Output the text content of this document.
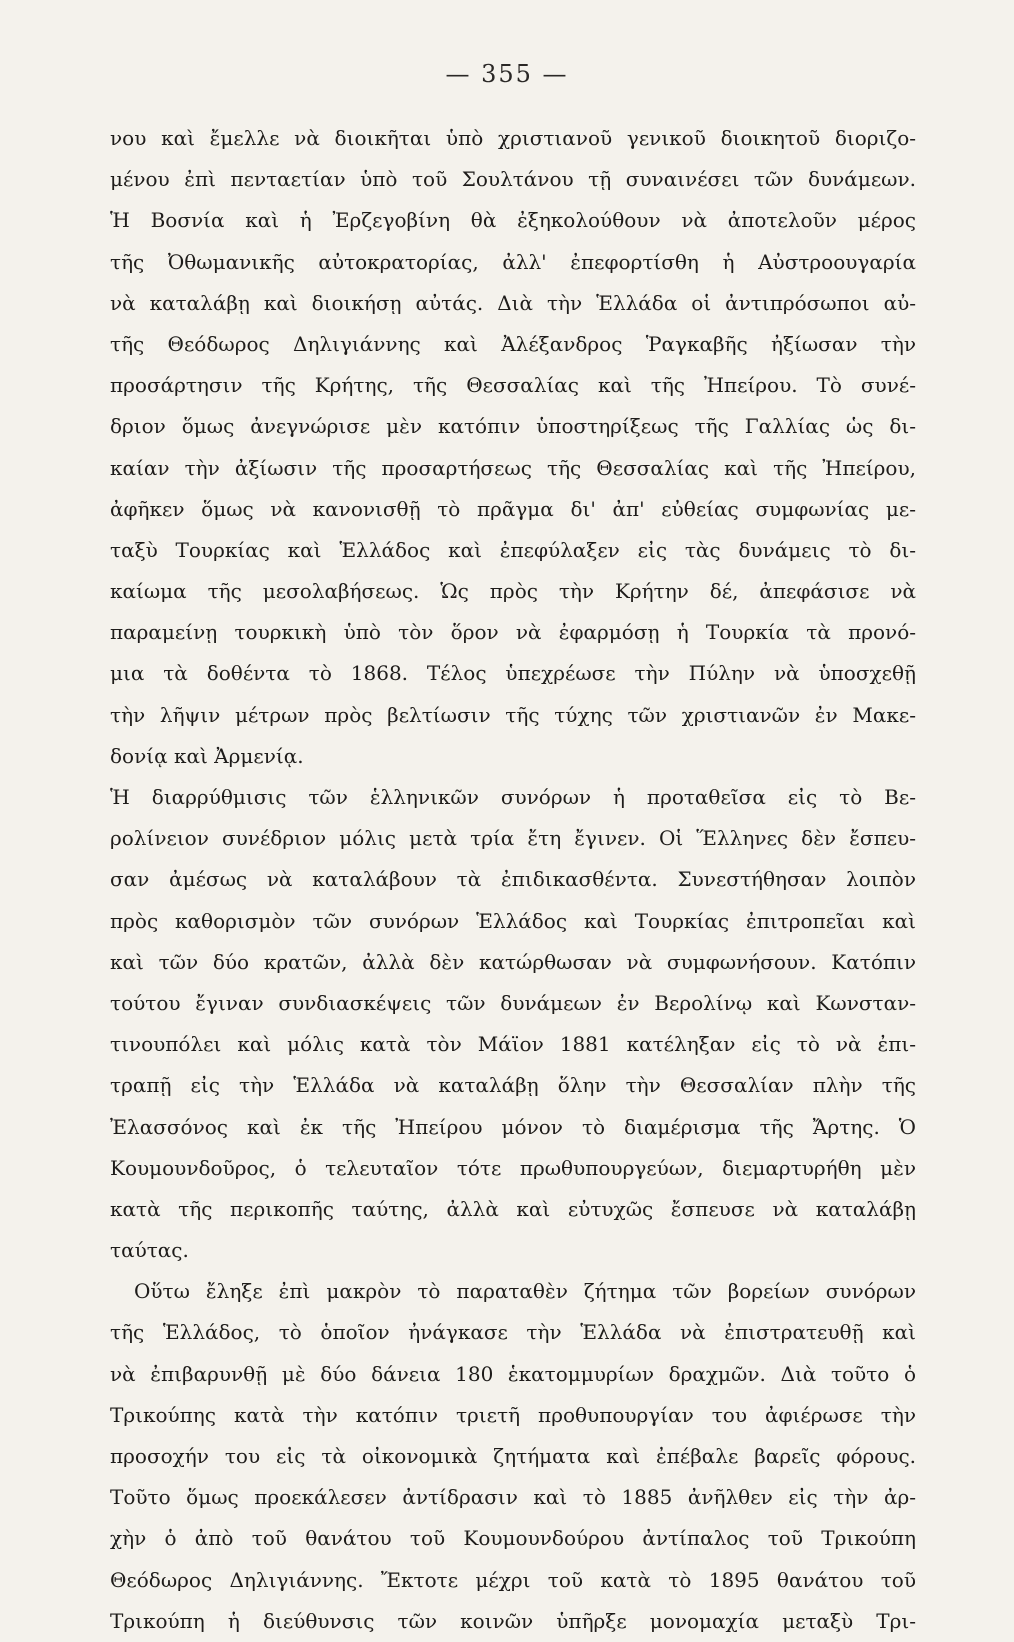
— 355 —
νου καὶ ἔμελλε νὰ διοικῆται ὑπὸ χριστιανοῦ γενικοῦ διοικητοῦ διοριζο-
μένου ἐπὶ πενταετίαν ὑπὸ τοῦ Σουλτάνου τῇ συναινέσει τῶν δυνάμεων.
Ἡ Βοσνία καὶ ἡ Ἐρζεγοβίνη θὰ ἐξηκολούθουν νὰ ἀποτελοῦν μέρος
τῆς Ὀθωμανικῆς αὐτοκρατορίας, ἀλλ' ἐπεφορτίσθη ἡ Αὐστροουγαρία
νὰ καταλάβῃ καὶ διοικήσῃ αὐτάς. Διὰ τὴν Ἑλλάδα οἱ ἀντιπρόσωποι αὐ-
τῆς Θεόδωρος Δηλιγιάννης καὶ Ἀλέξανδρος Ῥαγκαβῆς ἠξίωσαν τὴν
προσάρτησιν τῆς Κρήτης, τῆς Θεσσαλίας καὶ τῆς Ἠπείρου. Τὸ συνέ-
δριον ὅμως ἀνεγνώρισε μὲν κατόπιν ὑποστηρίξεως τῆς Γαλλίας ὡς δι-
καίαν τὴν ἀξίωσιν τῆς προσαρτήσεως τῆς Θεσσαλίας καὶ τῆς Ἠπείρου,
ἀφῆκεν ὅμως νὰ κανονισθῇ τὸ πρᾶγμα δι' ἀπ' εὐθείας συμφωνίας με-
ταξὺ Τουρκίας καὶ Ἑλλάδος καὶ ἐπεφύλαξεν εἰς τὰς δυνάμεις τὸ δι-
καίωμα τῆς μεσολαβήσεως. Ὡς πρὸς τὴν Κρήτην δέ, ἀπεφάσισε νὰ
παραμείνῃ τουρκικὴ ὑπὸ τὸν ὅρον νὰ ἐφαρμόσῃ ἡ Τουρκία τὰ προνό-
μια τὰ δοθέντα τὸ 1868. Τέλος ὑπεχρέωσε τὴν Πύλην νὰ ὑποσχεθῇ
τὴν λῆψιν μέτρων πρὸς βελτίωσιν τῆς τύχης τῶν χριστιανῶν ἐν Μακε-
δονίᾳ καὶ Ἀρμενίᾳ.
Ἡ διαρρύθμισις τῶν ἑλληνικῶν συνόρων ἡ προταθεῖσα εἰς τὸ Βε-
ρολίνειον συνέδριον μόλις μετὰ τρία ἔτη ἔγινεν. Οἱ Ἕλληνες δὲν ἔσπευ-
σαν ἀμέσως νὰ καταλάβουν τὰ ἐπιδικασθέντα. Συνεστήθησαν λοιπὸν
πρὸς καθορισμὸν τῶν συνόρων Ἑλλάδος καὶ Τουρκίας ἐπιτροπεῖαι καὶ
καὶ τῶν δύο κρατῶν, ἀλλὰ δὲν κατώρθωσαν νὰ συμφωνήσουν. Κατόπιν
τούτου ἔγιναν συνδιασκέψεις τῶν δυνάμεων ἐν Βερολίνῳ καὶ Κωνσταν-
τινουπόλει καὶ μόλις κατὰ τὸν Μάϊον 1881 κατέληξαν εἰς τὸ νὰ ἐπι-
τραπῇ εἰς τὴν Ἑλλάδα νὰ καταλάβῃ ὅλην τὴν Θεσσαλίαν πλὴν τῆς
Ἐλασσόνος καὶ ἐκ τῆς Ἠπείρου μόνον τὸ διαμέρισμα τῆς Ἄρτης. Ὁ
Κουμουνδοῦρος, ὁ τελευταῖον τότε πρωθυπουργεύων, διεμαρτυρήθη μὲν
κατὰ τῆς περικοπῆς ταύτης, ἀλλὰ καὶ εὐτυχῶς ἔσπευσε νὰ καταλάβῃ
ταύτας.
Οὕτω ἔληξε ἐπὶ μακρὸν τὸ παραταθὲν ζήτημα τῶν βορείων συνόρων
τῆς Ἑλλάδος, τὸ ὁποῖον ἠνάγκασε τὴν Ἑλλάδα νὰ ἐπιστρατευθῇ καὶ
νὰ ἐπιβαρυνθῇ μὲ δύο δάνεια 180 ἑκατομμυρίων δραχμῶν. Διὰ τοῦτο ὁ
Τρικούπης κατὰ τὴν κατόπιν τριετῆ προθυπουργίαν του ἀφιέρωσε τὴν
προσοχήν του εἰς τὰ οἰκονομικὰ ζητήματα καὶ ἐπέβαλε βαρεῖς φόρους.
Τοῦτο ὅμως προεκάλεσεν ἀντίδρασιν καὶ τὸ 1885 ἀνῆλθεν εἰς τὴν ἀρ-
χὴν ὁ ἀπὸ τοῦ θανάτου τοῦ Κουμουνδούρου ἀντίπαλος τοῦ Τρικούπη
Θεόδωρος Δηλιγιάννης. Ἔκτοτε μέχρι τοῦ κατὰ τὸ 1895 θανάτου τοῦ
Τρικούπη ἡ διεύθυνσις τῶν κοινῶν ὑπῆρξε μονομαχία μεταξὺ Τρι-
